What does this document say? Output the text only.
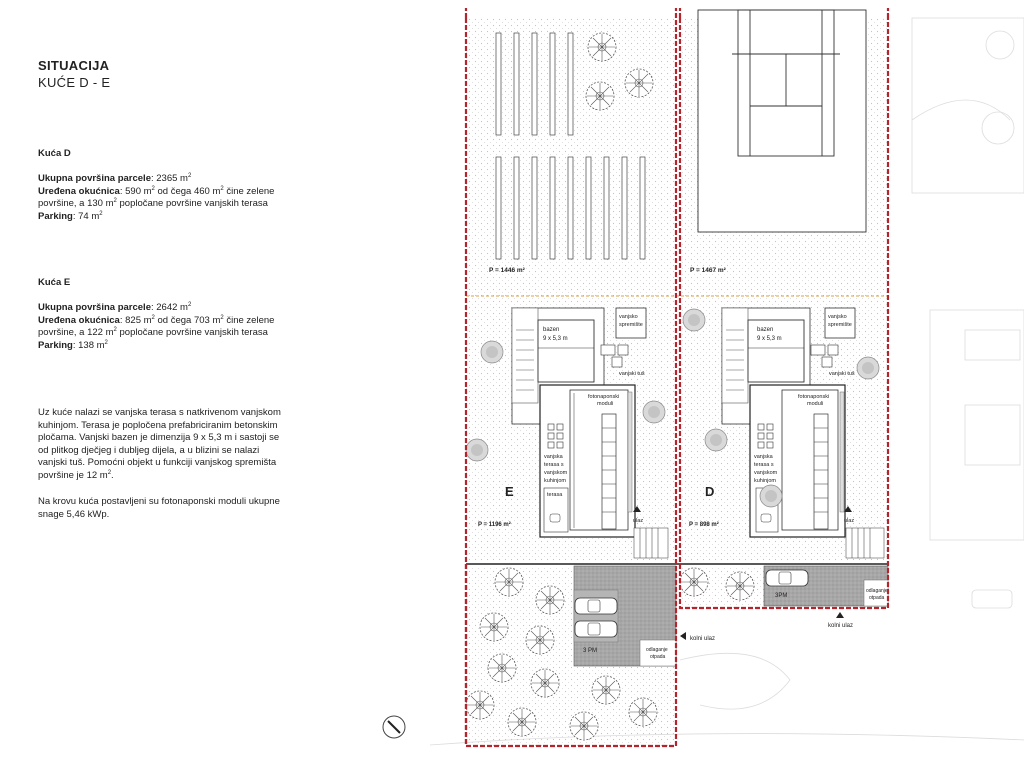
SITUACIJA
KUĆE D - E
Kuća D

Ukupna površina parcele: 2365 $m^2$
Uređena okućnica: 590 $m^2$ od čega 460 $m^2$ čine zelene površine, a 130 $m^2$ popločane površine vanjskih terasa
Parking: 74 $m^2$
Kuća E

Ukupna površina parcele: 2642 $m^2$
Uređena okućnica: 825 $m^2$ od čega 703 $m^2$ čine zelene površine, a 122 $m^2$ popločane površine vanjskih terasa
Parking: 138 $m^2$
Uz kuće nalazi se vanjska terasa s natkrivenom vanjskom kuhinjom. Terasa je popločena prefabriciranim betonskim pločama. Vanjski bazen je dimenzija 9 x 5,3 m i sastoji se od plitkog dječjeg i dubljeg dijela, a u blizini se nalazi vanjski tuš. Pomoćni objekt u funkciji vanjskog spremišta površine je 12 $m^2$.
Na krovu kuća postavljeni su fotonaponski moduli ukupne snage 5,46 kWp.
P = 1446 m²	P = 1467 m²
bazen
9 x 5,3 m
vanjsko
spremište
vanjski tuš
fotonaponski
moduli
vanjska
terasa s
vanjskom
kuhinjom
terasa
E
P = 1196 m²
ulaz
bazen
9 x 5,3 m
vanjsko
spremište
vanjski tuš
fotonaponski
moduli
vanjska
terasa s
vanjskom
kuhinjom
D
P = 898 m²
ulaz
3 PM	odlaganje
otpada
kolni ulaz
3PM
odlaganje
otpada
kolni ulaz
